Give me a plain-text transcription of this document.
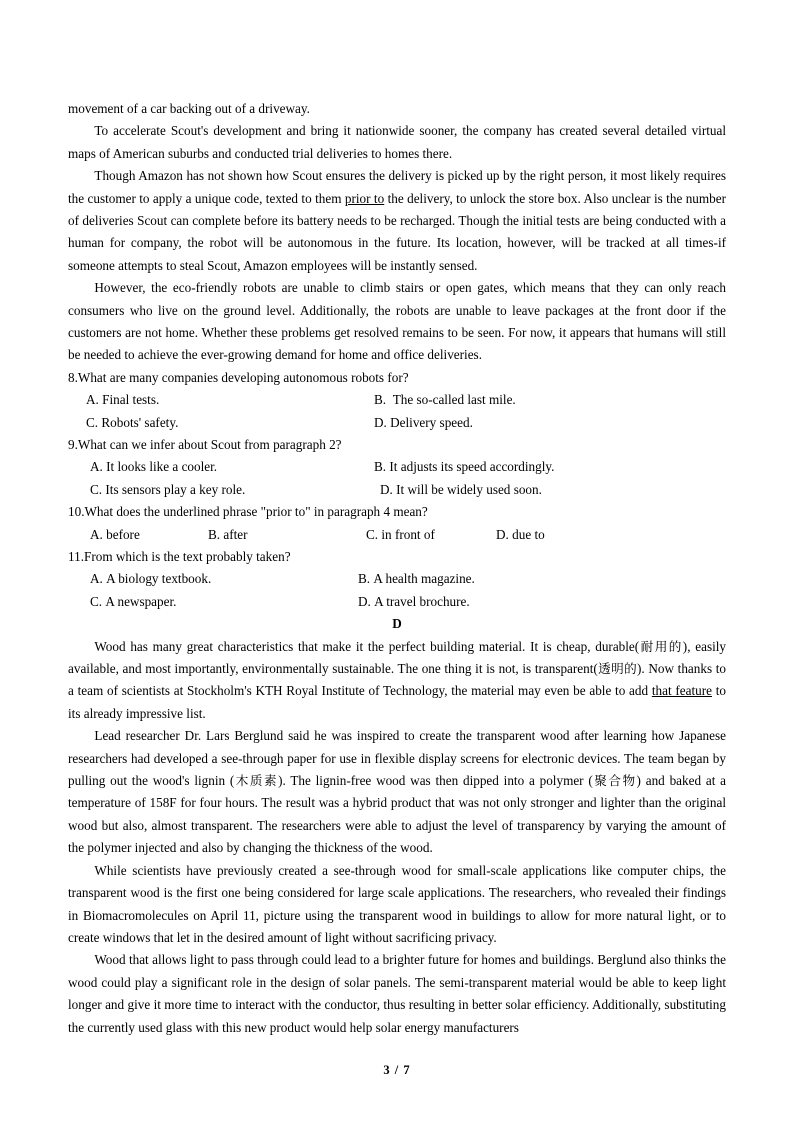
movement of a car backing out of a driveway.

To accelerate Scout's development and bring it nationwide sooner, the company has created several detailed virtual maps of American suburbs and conducted trial deliveries to homes there.

Though Amazon has not shown how Scout ensures the delivery is picked up by the right person, it most likely requires the customer to apply a unique code, texted to them prior to the delivery, to unlock the store box. Also unclear is the number of deliveries Scout can complete before its battery needs to be recharged. Though the initial tests are being conducted with a human for company, the robot will be autonomous in the future. Its location, however, will be tracked at all times-if someone attempts to steal Scout, Amazon employees will be instantly sensed.

However, the eco-friendly robots are unable to climb stairs or open gates, which means that they can only reach consumers who live on the ground level. Additionally, the robots are unable to leave packages at the front door if the customers are not home. Whether these problems get resolved remains to be seen. For now, it appears that humans will still be needed to achieve the ever-growing demand for home and office deliveries.

8.What are many companies developing autonomous robots for?

A. Final tests.	B. The so-called last mile.
C. Robots' safety.	D. Delivery speed.

9.What can we infer about Scout from paragraph 2?

A. It looks like a cooler.	B. It adjusts its speed accordingly.
C. Its sensors play a key role.	D. It will be widely used soon.

10.What does the underlined phrase "prior to" in paragraph 4 mean?

A. before	B. after	C. in front of	D. due to

11.From which is the text probably taken?

A. A biology textbook.	B. A health magazine.
C. A newspaper.	D. A travel brochure.

D

Wood has many great characteristics that make it the perfect building material. It is cheap, durable(耐用的), easily available, and most importantly, environmentally sustainable. The one thing it is not, is transparent(透明的). Now thanks to a team of scientists at Stockholm's KTH Royal Institute of Technology, the material may even be able to add that feature to its already impressive list.

Lead researcher Dr. Lars Berglund said he was inspired to create the transparent wood after learning how Japanese researchers had developed a see-through paper for use in flexible display screens for electronic devices. The team began by pulling out the wood's lignin (木质素). The lignin-free wood was then dipped into a polymer (聚合物) and baked at a temperature of 158F for four hours. The result was a hybrid product that was not only stronger and lighter than the original wood but also, almost transparent. The researchers were able to adjust the level of transparency by varying the amount of the polymer injected and also by changing the thickness of the wood.

While scientists have previously created a see-through wood for small-scale applications like computer chips, the transparent wood is the first one being considered for large scale applications. The researchers, who revealed their findings in Biomacromolecules on April 11, picture using the transparent wood in buildings to allow for more natural light, or to create windows that let in the desired amount of light without sacrificing privacy.

Wood that allows light to pass through could lead to a brighter future for homes and buildings. Berglund also thinks the wood could play a significant role in the design of solar panels. The semi-transparent material would be able to keep light longer and give it more time to interact with the conductor, thus resulting in better solar efficiency. Additionally, substituting the currently used glass with this new product would help solar energy manufacturers

3 / 7
